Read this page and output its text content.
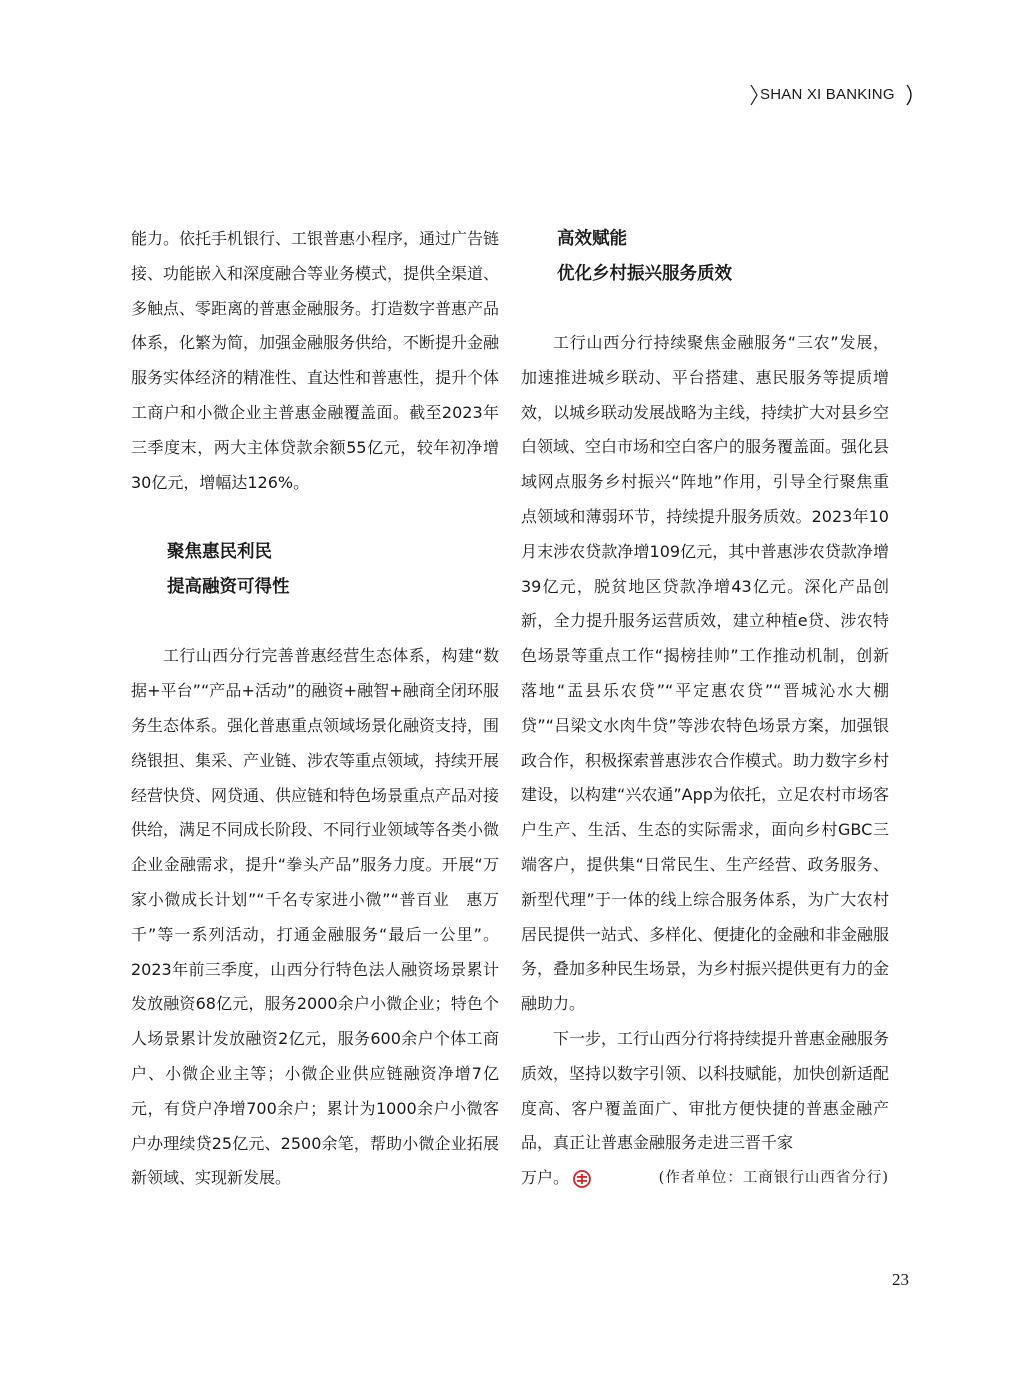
SHAN XI BANKING

能力。依托手机银行、工银普惠小程序，通过广告链接、功能嵌入和深度融合等业务模式，提供全渠道、多触点、零距离的普惠金融服务。打造数字普惠产品体系，化繁为简，加强金融服务供给，不断提升金融服务实体经济的精准性、直达性和普惠性，提升个体工商户和小微企业主普惠金融覆盖面。截至2023年三季度末，两大主体贷款余额55亿元，较年初净增30亿元，增幅达126%。

聚焦惠民利民

提高融资可得性

工行山西分行完善普惠经营生态体系，构建“数据+平台”“产品+活动”的融资+融智+融商全闭环服务生态体系。强化普惠重点领域场景化融资支持，围绕银担、集采、产业链、涉农等重点领域，持续开展经营快贷、网贷通、供应链和特色场景重点产品对接供给，满足不同成长阶段、不同行业领域等各类小微企业金融需求，提升“拳头产品”服务力度。开展“万家小微成长计划”“千名专家进小微”“普百业　惠万千”等一系列活动，打通金融服务“最后一公里”。2023年前三季度，山西分行特色法人融资场景累计发放融资68亿元，服务2000余户小微企业；特色个人场景累计发放融资2亿元，服务600余户个体工商户、小微企业主等；小微企业供应链融资净增7亿元，有贷户净增700余户；累计为1000余户小微客户办理续贷25亿元、2500余笔，帮助小微企业拓展新领域、实现新发展。

高效赋能

优化乡村振兴服务质效

工行山西分行持续聚焦金融服务“三农”发展，加速推进城乡联动、平台搭建、惠民服务等提质增效，以城乡联动发展战略为主线，持续扩大对县乡空白领域、空白市场和空白客户的服务覆盖面。强化县域网点服务乡村振兴“阵地”作用，引导全行聚焦重点领域和薄弱环节，持续提升服务质效。2023年10月末涉农贷款净增109亿元，其中普惠涉农贷款净增39亿元，脱贫地区贷款净增43亿元。深化产品创新，全力提升服务运营质效，建立种植e贷、涉农特色场景等重点工作“揭榜挂帅”工作推动机制，创新落地“盂县乐农贷”“平定惠农贷”“晋城沁水大棚贷”“吕梁文水肉牛贷”等涉农特色场景方案，加强银政合作，积极探索普惠涉农合作模式。助力数字乡村建设，以构建“兴农通”App为依托，立足农村市场客户生产、生活、生态的实际需求，面向乡村GBC三端客户，提供集“日常民生、生产经营、政务服务、新型代理”于一体的线上综合服务体系，为广大农村居民提供一站式、多样化、便捷化的金融和非金融服务，叠加多种民生场景，为乡村振兴提供更有力的金融助力。

下一步，工行山西分行将持续提升普惠金融服务质效，坚持以数字引领、以科技赋能，加快创新适配度高、客户覆盖面广、审批方便快捷的普惠金融产品，真正让普惠金融服务走进三晋千家

万户。	(作者单位：工商银行山西省分行)
23
